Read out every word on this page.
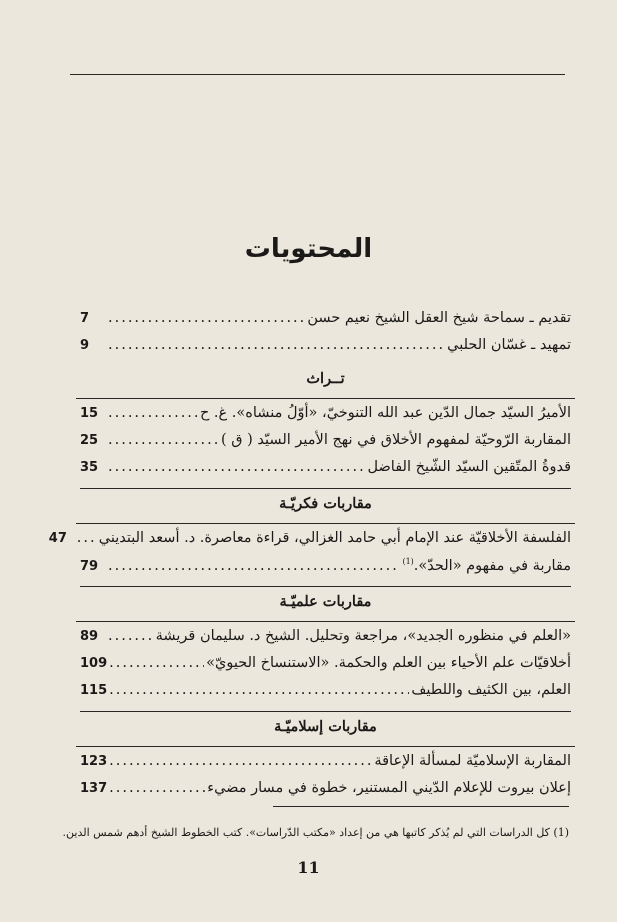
المحتويات
تقديم ـ سماحة شيخ العقل الشيخ نعيم حسن
.....
7
تمهيد ـ غسّان الحلبي
.....
9
تــراث
الأميرُ السيّد جمال الدّين عبد الله التنوخيّ، «أوّلُ منشاه». غ. ح
.....
15
المقاربة الرّوحيّة لمفهوم الأخلاق في نهج الأمير السيّد ( ق )
.....
25
قدوةُ المتّقين السيّد الشّيخ الفاضل
.....
35
مقاربات فكريّـة
الفلسفة الأخلاقيّة عند الإمام أبي حامد الغزالي، قراءة معاصرة. د. أسعد البتديني
.....
47
مقاربة في مفهوم «الحدّ».$^{(1)}$
.....
79
مقاربات علميّـة
«العلم في منظوره الجديد»، مراجعة وتحليل. الشيخ د. سليمان قريشة
.....
89
أخلاقيّات علم الأحياء بين العلم والحكمة. «الاستنساخ الحيويّ»
.....
109
العلم، بين الكثيف واللطيف
.....
115
مقاربات إسلاميّـة
المقاربة الإسلاميّة لمسألة الإعاقة
.....
123
إعلان بيروت للإعلام الدّيني المستنير، خطوة في مسار مضيء
.....
137
(1) كل الدراسات التي لم يُذكر كاتبها هي من إعداد «مكتب الدّراسات». كتب الخطوط الشيخ أدهم شمس الدين.
11
